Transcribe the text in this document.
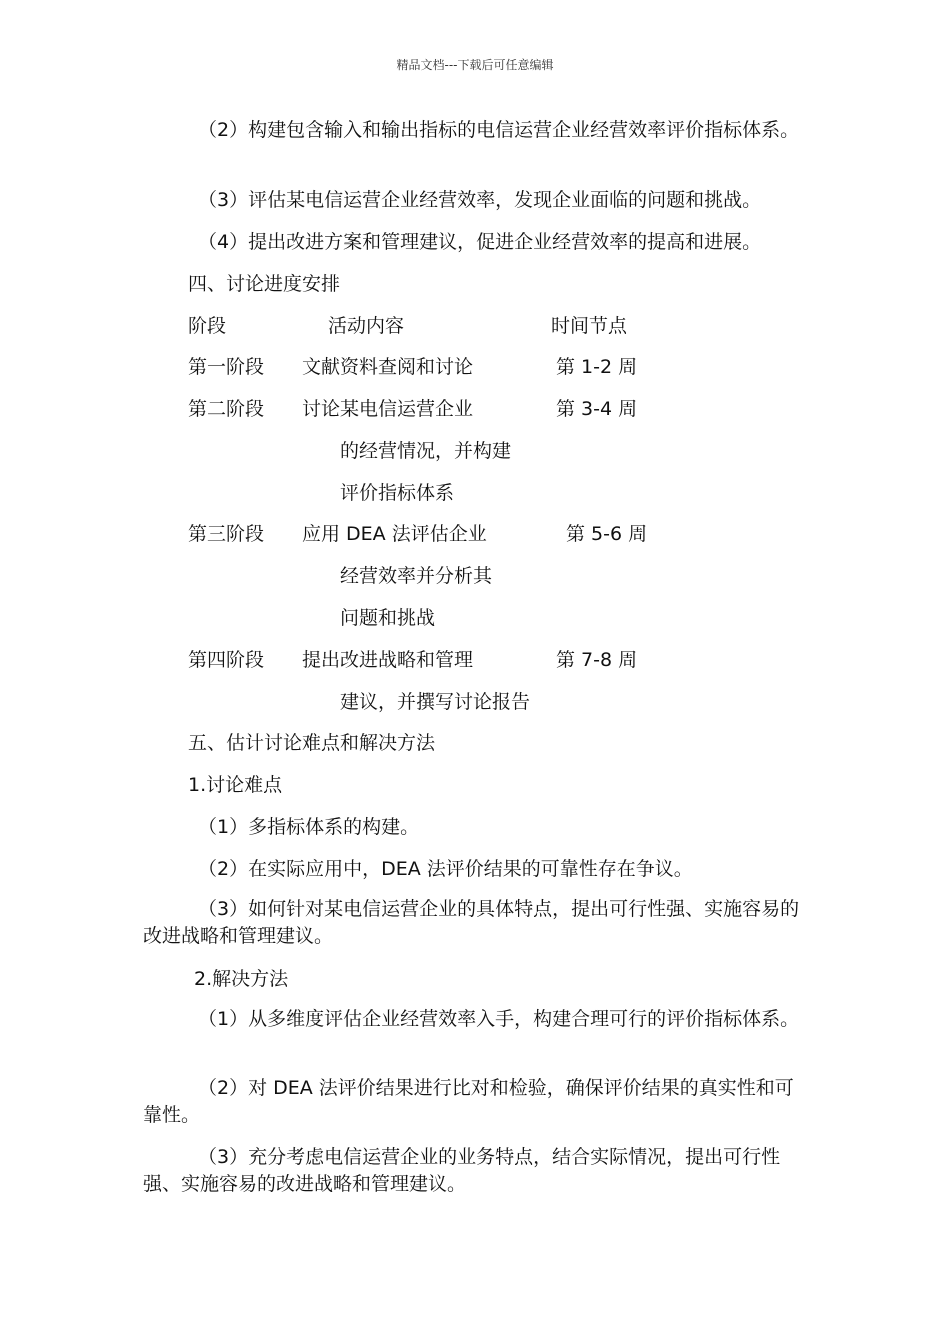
精品文档---下载后可任意编辑
（2）构建包含输入和输出指标的电信运营企业经营效率评价指标体系。
（3）评估某电信运营企业经营效率，发现企业面临的问题和挑战。
（4）提出改进方案和管理建议，促进企业经营效率的提高和进展。
四、讨论进度安排
阶段	活动内容	时间节点
第一阶段 文献资料查阅和讨论	第 1-2 周
第二阶段 讨论某电信运营企业	第 3-4 周
的经营情况，并构建
评价指标体系
第三阶段 应用 DEA 法评估企业	第 5-6 周
经营效率并分析其
问题和挑战
第四阶段 提出改进战略和管理	第 7-8 周
建议，并撰写讨论报告
五、估计讨论难点和解决方法
1.讨论难点
（1）多指标体系的构建。
（2）在实际应用中，DEA 法评价结果的可靠性存在争议。
（3）如何针对某电信运营企业的具体特点，提出可行性强、实施容易的改进战略和管理建议。
2.解决方法
（1）从多维度评估企业经营效率入手，构建合理可行的评价指标体系。
（2）对 DEA 法评价结果进行比对和检验，确保评价结果的真实性和可靠性。
（3）充分考虑电信运营企业的业务特点，结合实际情况，提出可行性强、实施容易的改进战略和管理建议。
